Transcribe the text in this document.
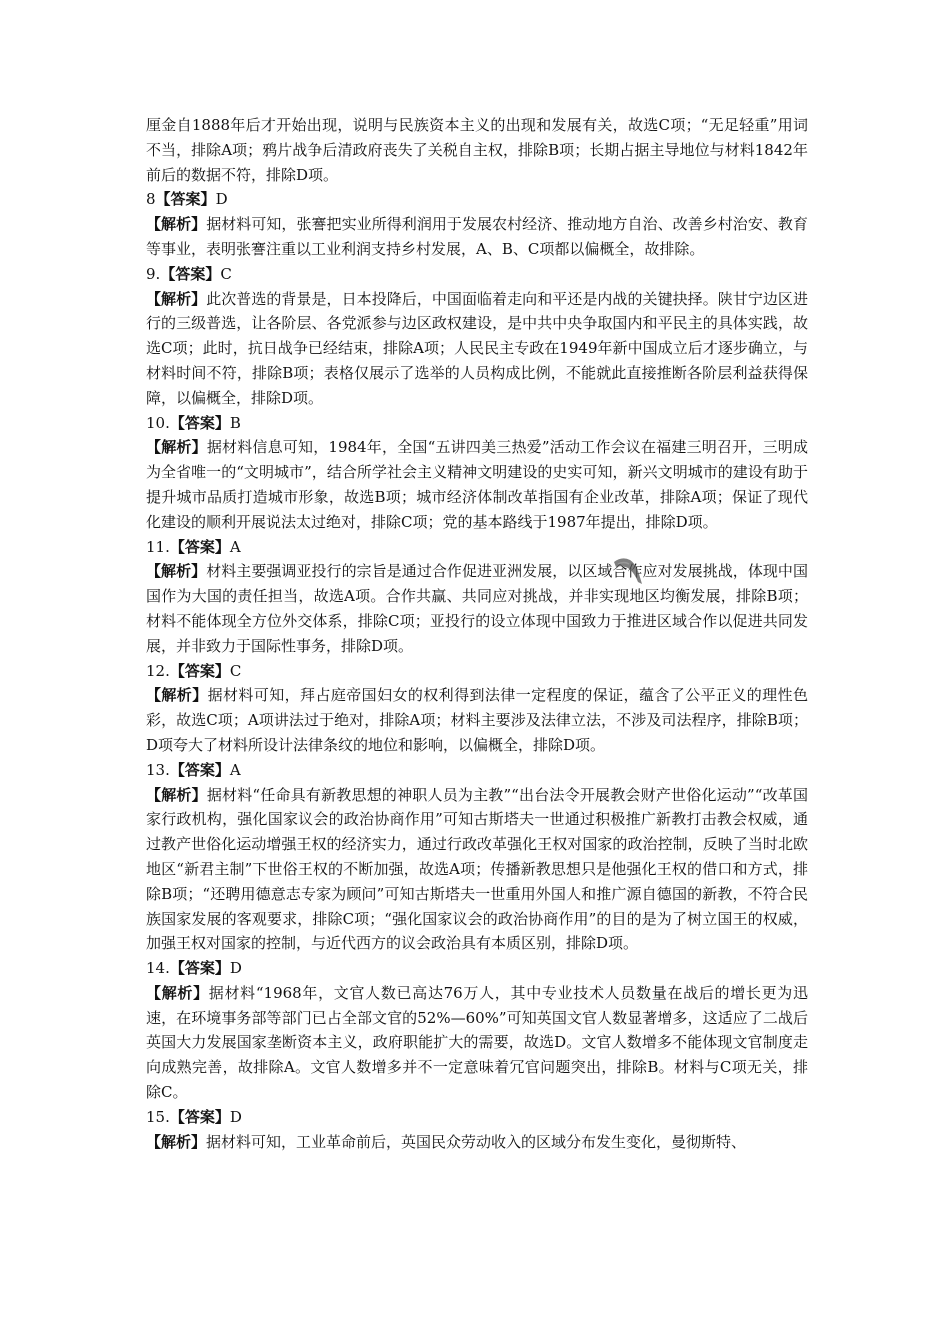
厘金自1888年后才开始出现，说明与民族资本主义的出现和发展有关，故选C项；“无足轻重”用词不当，排除A项；鸦片战争后清政府丧失了关税自主权，排除B项；长期占据主导地位与材料1842年前后的数据不符，排除D项。

8【答案】D

【解析】据材料可知，张謇把实业所得利润用于发展农村经济、推动地方自治、改善乡村治安、教育等事业，表明张謇注重以工业利润支持乡村发展，A、B、C项都以偏概全，故排除。

9.【答案】C

【解析】此次普选的背景是，日本投降后，中国面临着走向和平还是内战的关键抉择。陕甘宁边区进行的三级普选，让各阶层、各党派参与边区政权建设，是中共中央争取国内和平民主的具体实践，故选C项；此时，抗日战争已经结束，排除A项；人民民主专政在1949年新中国成立后才逐步确立，与材料时间不符，排除B项；表格仅展示了选举的人员构成比例，不能就此直接推断各阶层利益获得保障，以偏概全，排除D项。

10.【答案】B

【解析】据材料信息可知，1984年，全国“五讲四美三热爱”活动工作会议在福建三明召开，三明成为全省唯一的“文明城市”，结合所学社会主义精神文明建设的史实可知，新兴文明城市的建设有助于提升城市品质打造城市形象，故选B项；城市经济体制改革指国有企业改革，排除A项；保证了现代化建设的顺利开展说法太过绝对，排除C项；党的基本路线于1987年提出，排除D项。

11.【答案】A

【解析】材料主要强调亚投行的宗旨是通过合作促进亚洲发展，以区域合作应对发展挑战，体现中国国作为大国的责任担当，故选A项。合作共赢、共同应对挑战，并非实现地区均衡发展，排除B项；材料不能体现全方位外交体系，排除C项；亚投行的设立体现中国致力于推进区域合作以促进共同发展，并非致力于国际性事务，排除D项。

12.【答案】C

【解析】据材料可知，拜占庭帝国妇女的权利得到法律一定程度的保证，蕴含了公平正义的理性色彩，故选C项；A项讲法过于绝对，排除A项；材料主要涉及法律立法，不涉及司法程序，排除B项；D项夸大了材料所设计法律条纹的地位和影响，以偏概全，排除D项。

13.【答案】A

【解析】据材料“任命具有新教思想的神职人员为主教”“出台法令开展教会财产世俗化运动”“改革国家行政机构，强化国家议会的政治协商作用”可知古斯塔夫一世通过积极推广新教打击教会权威，通过教产世俗化运动增强王权的经济实力，通过行政改革强化王权对国家的政治控制，反映了当时北欧地区“新君主制”下世俗王权的不断加强，故选A项；传播新教思想只是他强化王权的借口和方式，排除B项；“还聘用德意志专家为顾问”可知古斯塔夫一世重用外国人和推广源自德国的新教，不符合民族国家发展的客观要求，排除C项；“强化国家议会的政治协商作用”的目的是为了树立国王的权威，加强王权对国家的控制，与近代西方的议会政治具有本质区别，排除D项。

14.【答案】D

【解析】据材料“1968年，文官人数已高达76万人，其中专业技术人员数量在战后的增长更为迅速，在环境事务部等部门已占全部文官的52%—60%”可知英国文官人数显著增多，这适应了二战后英国大力发展国家垄断资本主义，政府职能扩大的需要，故选D。文官人数增多不能体现文官制度走向成熟完善，故排除A。文官人数增多并不一定意味着冗官问题突出，排除B。材料与C项无关，排除C。

15.【答案】D

【解析】据材料可知，工业革命前后，英国民众劳动收入的区域分布发生变化，曼彻斯特、
